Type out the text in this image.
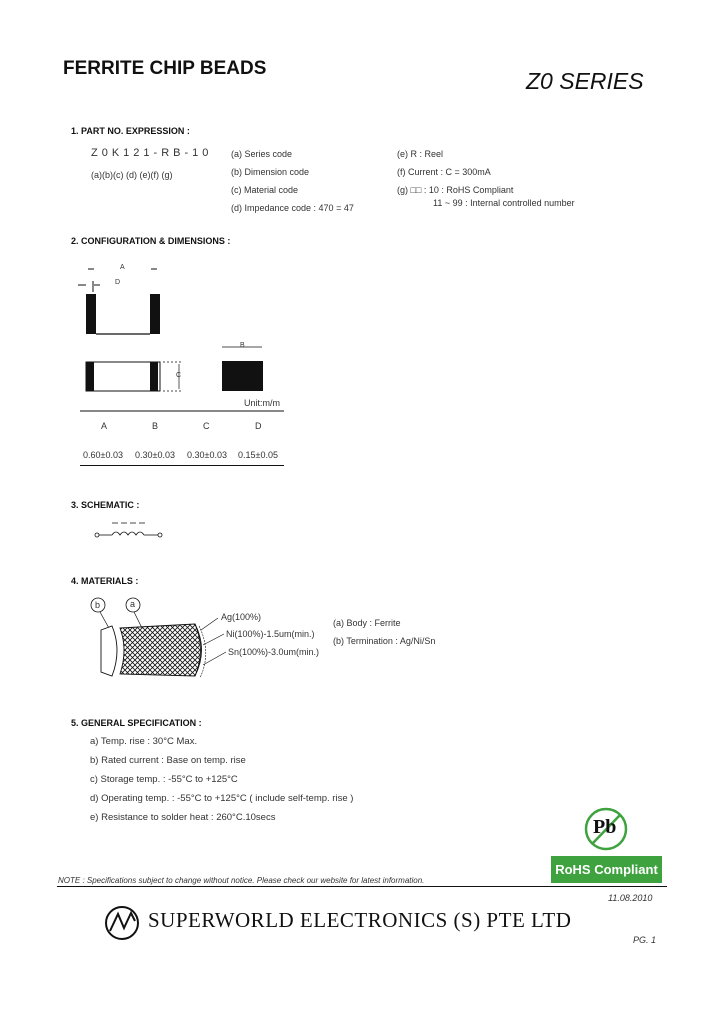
FERRITE CHIP BEADS	Z0 SERIES
1. PART NO. EXPRESSION :
Z0K121-RB-10
(a)(b)(c) (d) (e)(f) (g)
(a) Series code
(b) Dimension code
(c) Material code
(d) Impedance code : 470 = 47
(e) R : Reel
(f) Current : C = 300mA
(g) □□ : 10 : RoHS Compliant
11 ~ 99 : Internal controlled number
2. CONFIGURATION & DIMENSIONS :
A
D
C
B
Unit:m/m
A	B	C	D
0.60±0.03 0.30±0.03 0.30±0.03 0.15±0.05
3. SCHEMATIC :
4. MATERIALS :
b	a
Ag(100%)
Ni(100%)-1.5um(min.)
Sn(100%)-3.0um(min.)
(a) Body : Ferrite
(b) Termination : Ag/Ni/Sn
5. GENERAL SPECIFICATION :
a) Temp. rise : 30°C Max.
b) Rated current : Base on temp. rise
c) Storage temp. : -55°C to +125°C
d) Operating temp. : -55°C to +125°C ( include self-temp. rise )
e) Resistance to solder heat : 260°C.10secs	Pb
RoHS Compliant
NOTE : Specifications subject to change without notice. Please check our website for latest information.
11.08.2010
SUPERWORLD ELECTRONICS (S) PTE LTD
PG. 1
